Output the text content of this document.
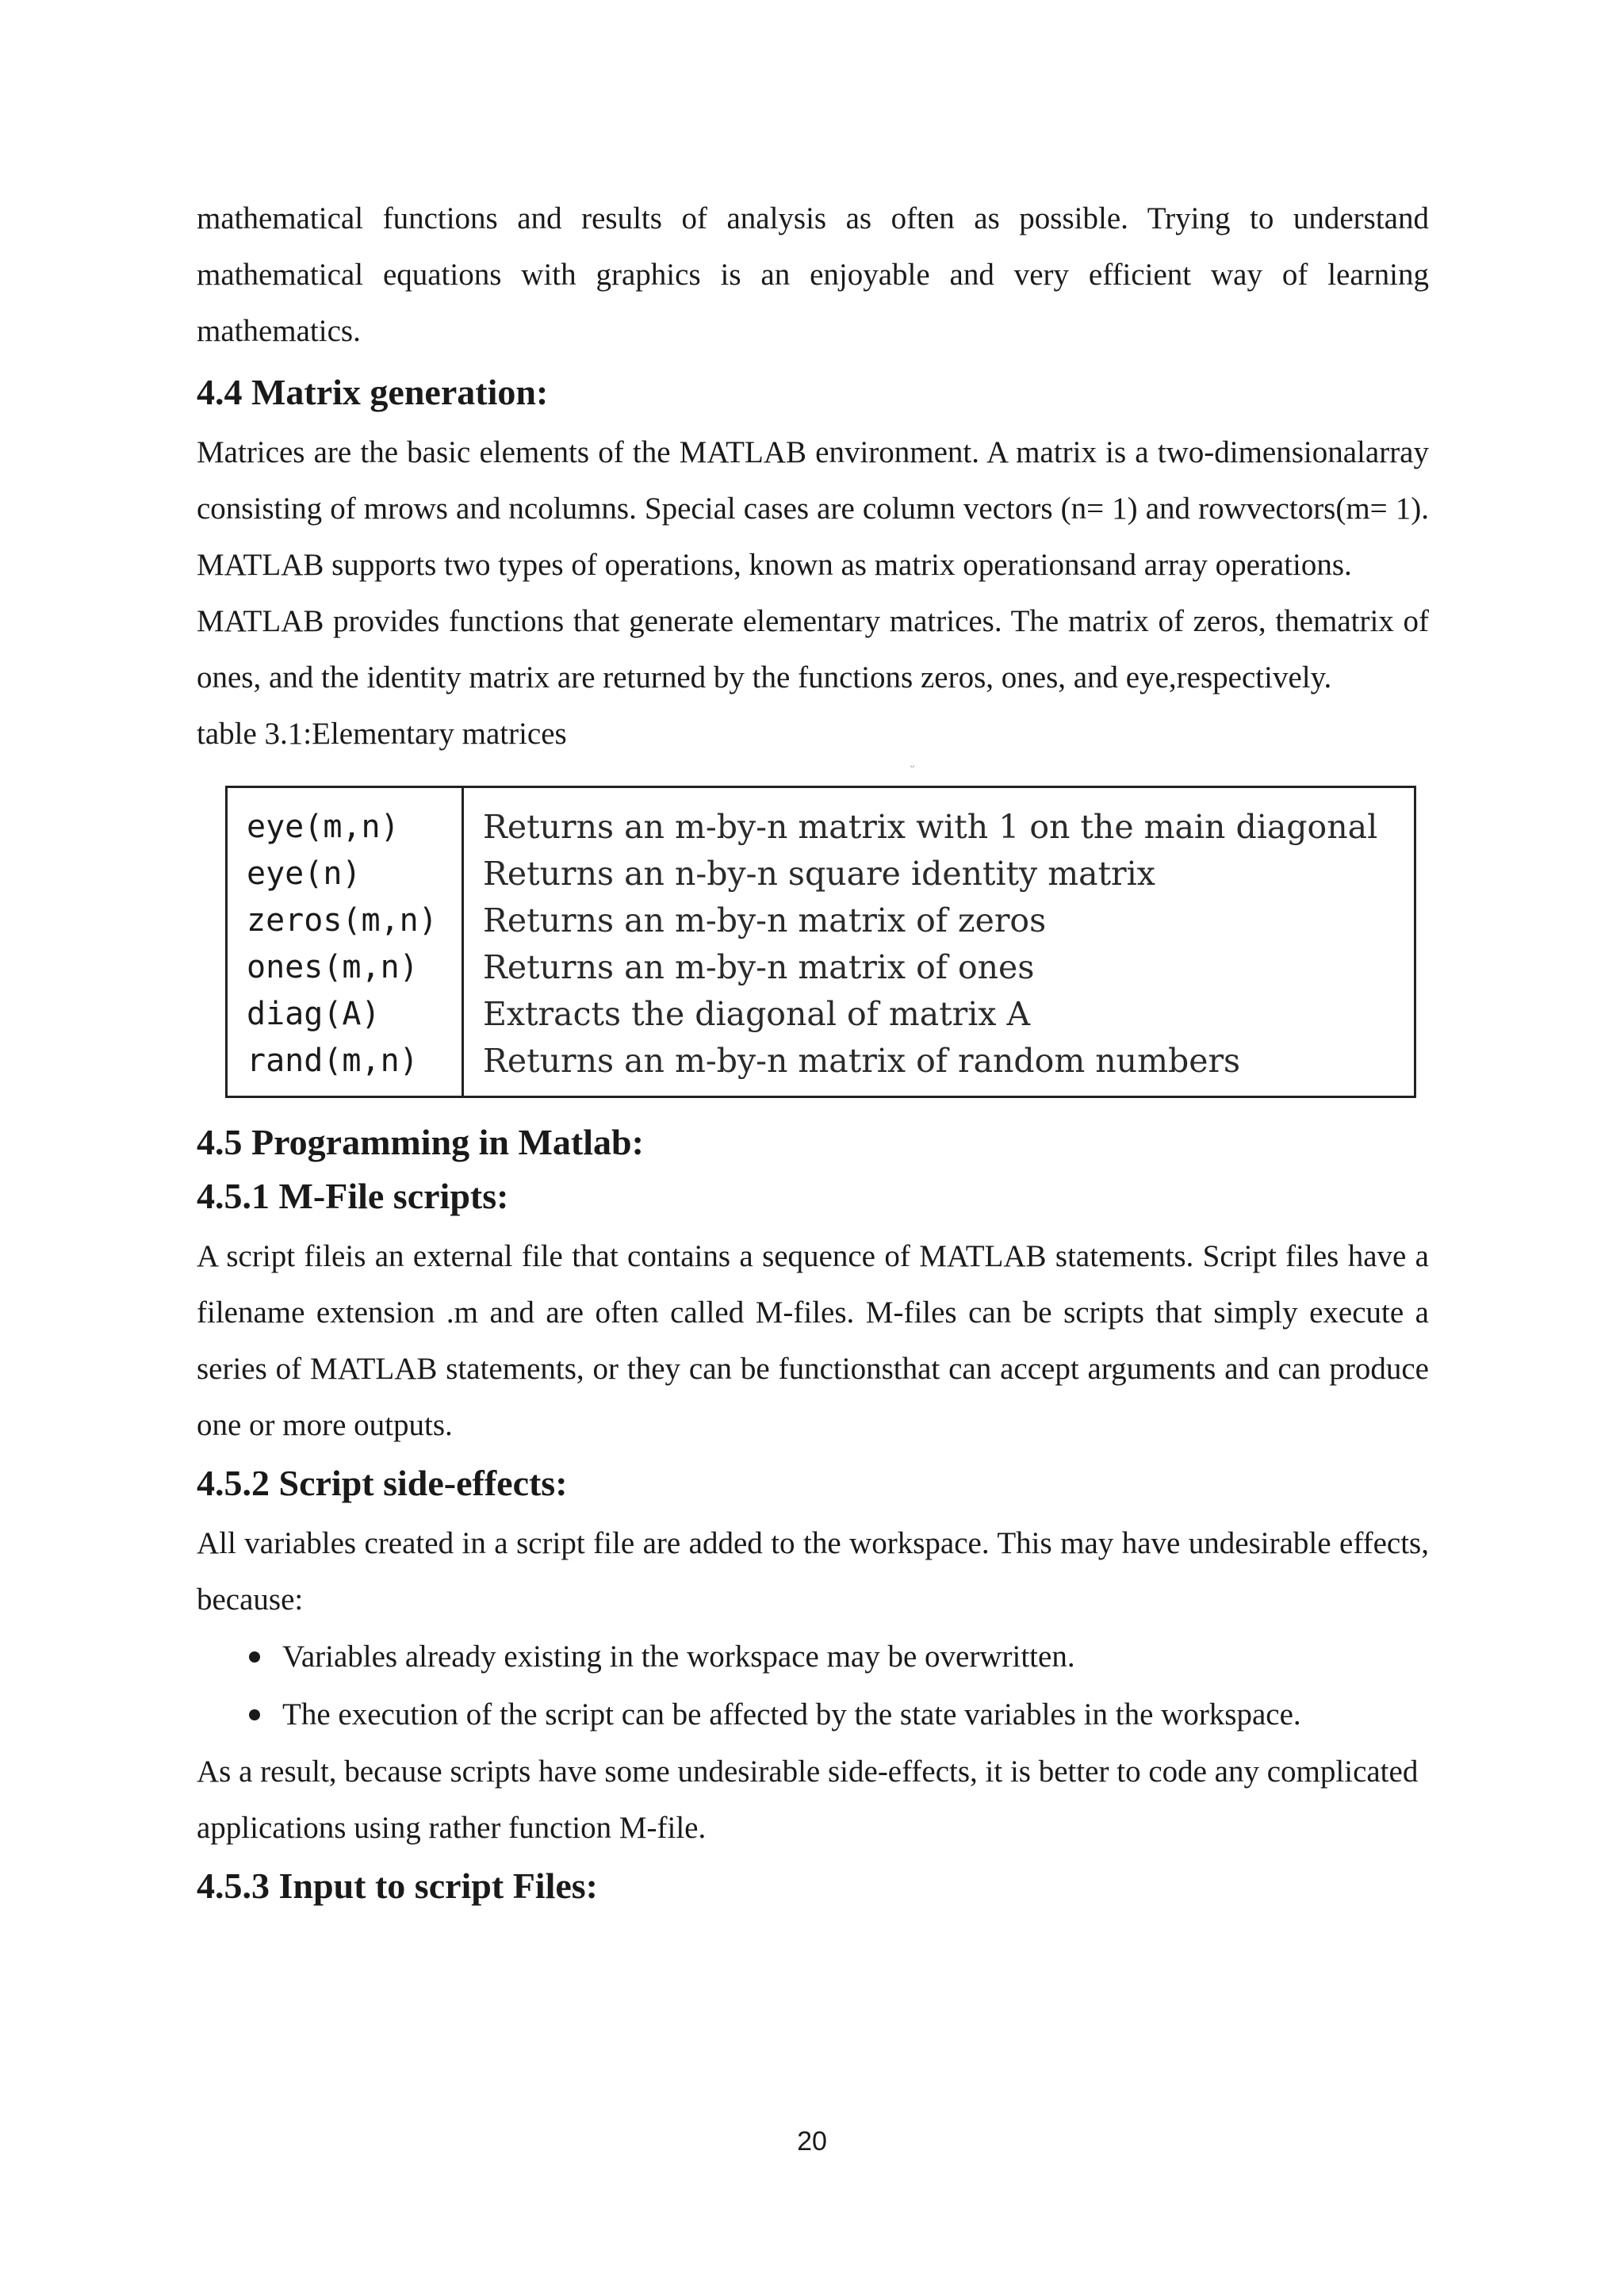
mathematical functions and results of analysis as often as possible. Trying to understand mathematical equations with graphics is an enjoyable and very efficient way of learning mathematics.

4.4 Matrix generation:

Matrices are the basic elements of the MATLAB environment. A matrix is a two-dimensionalarray consisting of mrows and ncolumns. Special cases are column vectors (n= 1) and rowvectors(m= 1). MATLAB supports two types of operations, known as matrix operationsand array operations.

MATLAB provides functions that generate elementary matrices. The matrix of zeros, thematrix of ones, and the identity matrix are returned by the functions zeros, ones, and eye,respectively.

table 3.1:Elementary matrices

ᵕ
eye(m,n)
eye(n)
zeros(m,n)
ones(m,n)
diag(A)
rand(m,n)
Returns an m-by-n matrix with 1 on the main diagonal
Returns an n-by-n square identity matrix
Returns an m-by-n matrix of zeros
Returns an m-by-n matrix of ones
Extracts the diagonal of matrix A
Returns an m-by-n matrix of random numbers
4.5 Programming in Matlab:
4.5.1 M-File scripts:

A script fileis an external file that contains a sequence of MATLAB statements. Script files have a filename extension .m and are often called M-files. M-files can be scripts that simply execute a series of MATLAB statements, or they can be functionsthat can accept arguments and can produce one or more outputs.

4.5.2 Script side-effects:

All variables created in a script file are added to the workspace. This may have undesirable effects, because:

Variables already existing in the workspace may be overwritten.
The execution of the script can be affected by the state variables in the workspace.

As a result, because scripts have some undesirable side-effects, it is better to code any complicated applications using rather function M-file.

4.5.3 Input to script Files:
20
